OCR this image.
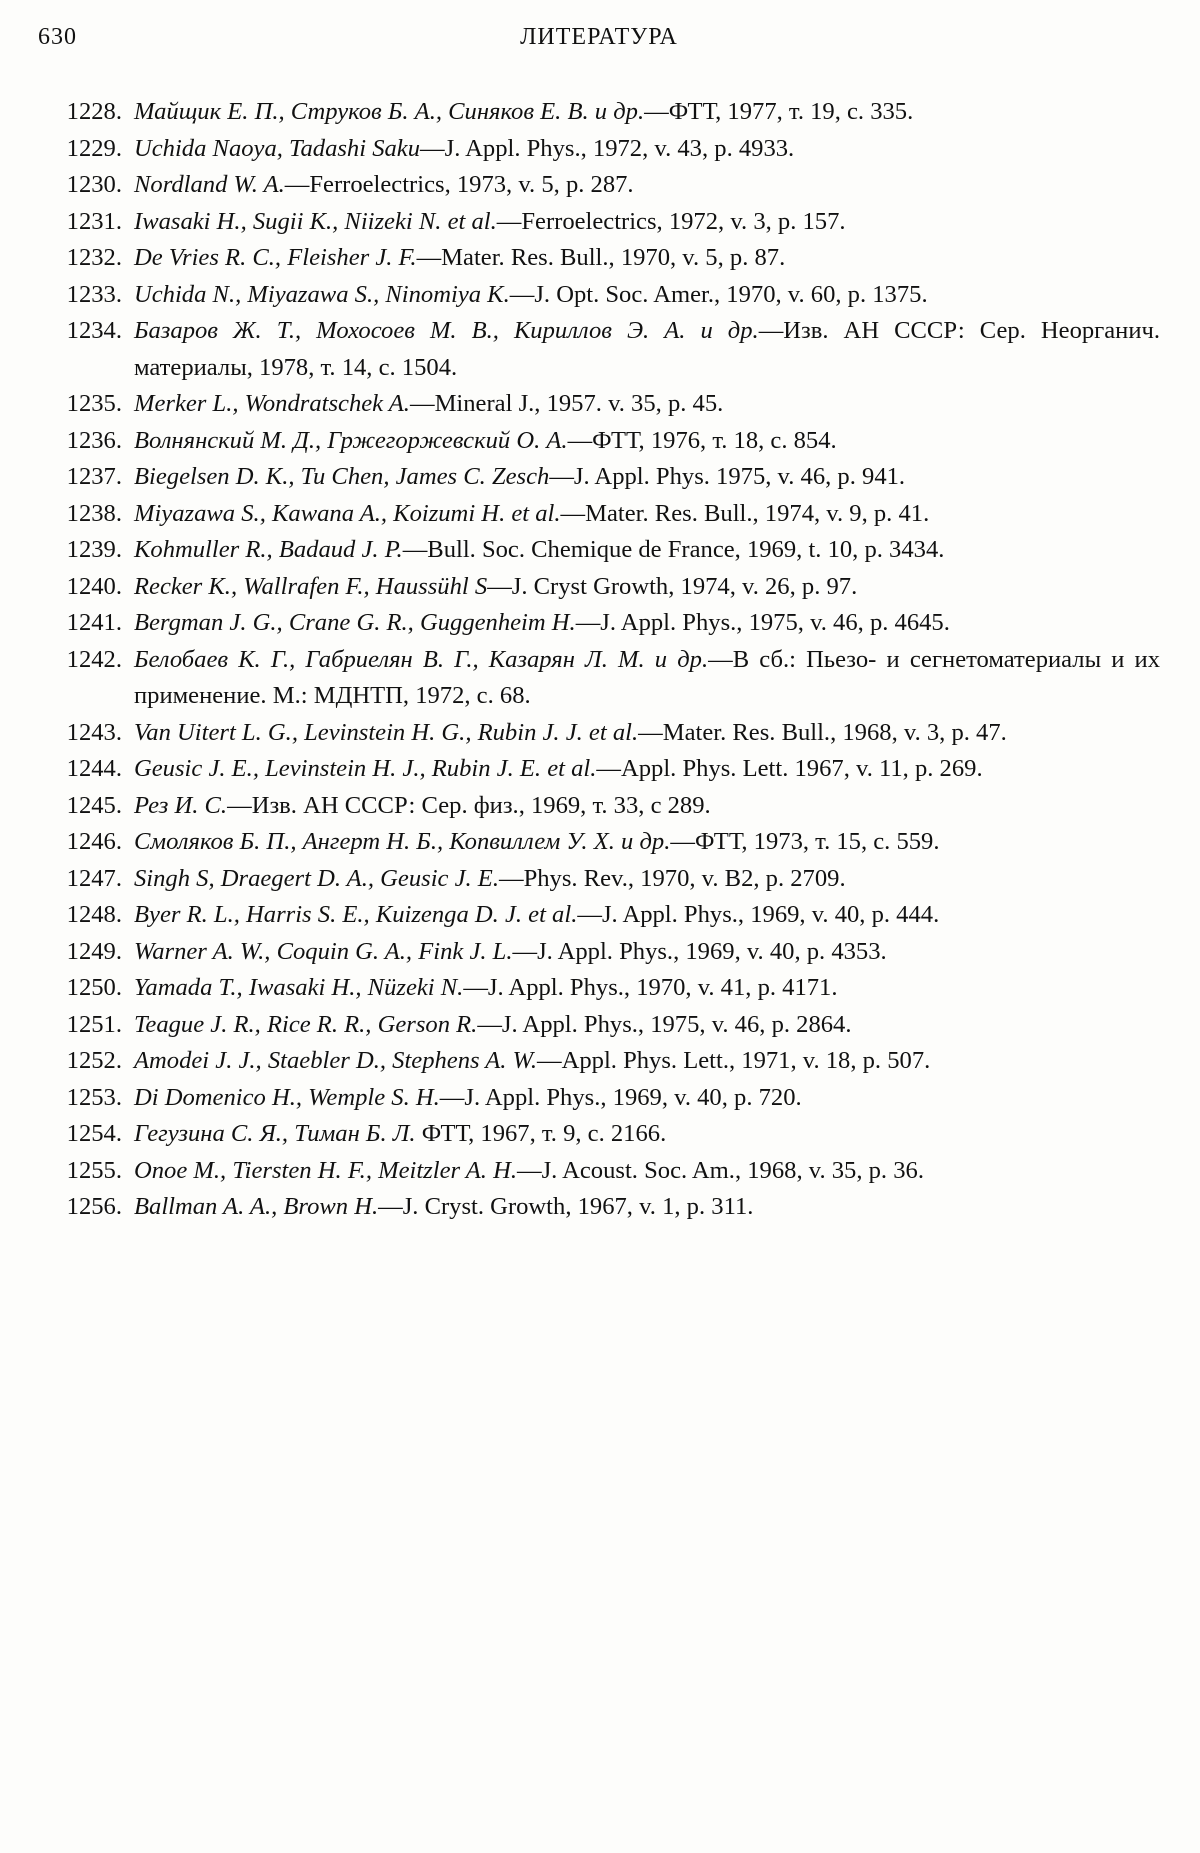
630	ЛИТЕРАТУРА
1228. Майщик Е. П., Струков Б. А., Синяков Е. В. и др. — ФТТ, 1977, т. 19, с. 335.
1229. Uchida Naoya, Tadashi Saku — J. Appl. Phys., 1972, v. 43, p. 4933.
1230. Nordland W. A. — Ferroelectrics, 1973, v. 5, p. 287.
1231. Iwasaki H., Sugii K., Niizeki N. et al. — Ferroelectrics, 1972, v. 3, p. 157.
1232. De Vries R. C., Fleisher J. F. — Mater. Res. Bull., 1970, v. 5, p. 87.
1233. Uchida N., Miyazawa S., Ninomiya K. — J. Opt. Soc. Amer., 1970, v. 60, p. 1375.
1234. Базаров Ж. Т., Мохосоев М. В., Кириллов Э. А. и др. — Изв. АН СССР: Сер. Неорганич. материалы, 1978, т. 14, с. 1504.
1235. Merker L., Wondratschek A. — Mineral J., 1957. v. 35, p. 45.
1236. Волнянский М. Д., Гржегоржевский О. А. — ФТТ, 1976, т. 18, с. 854.
1237. Biegelsen D. K., Tu Chen, James C. Zesch — J. Appl. Phys. 1975, v. 46, p. 941.
1238. Miyazawa S., Kawana A., Koizumi H. et al. — Mater. Res. Bull., 1974, v. 9, p. 41.
1239. Kohmuller R., Badaud J. P. — Bull. Soc. Chemique de France, 1969, t. 10, p. 3434.
1240. Recker K., Wallrafen F., Haussühl S — J. Cryst Growth, 1974, v. 26, p. 97.
1241. Bergman J. G., Crane G. R., Guggenheim H. — J. Appl. Phys., 1975, v. 46, p. 4645.
1242. Белобаев К. Г., Габриелян В. Г., Казарян Л. М. и др. — В сб.: Пьезо- и сегнетоматериалы и их применение. М.: МДНТП, 1972, с. 68.
1243. Van Uitert L. G., Levinstein H. G., Rubin J. J. et al. — Mater. Res. Bull., 1968, v. 3, p. 47.
1244. Geusic J. E., Levinstein H. J., Rubin J. E. et al. — Appl. Phys. Lett. 1967, v. 11, p. 269.
1245. Рез И. С. — Изв. АН СССР: Сер. физ., 1969, т. 33, с 289.
1246. Смоляков Б. П., Ангерт Н. Б., Копвиллем У. Х. и др. — ФТТ, 1973, т. 15, с. 559.
1247. Singh S, Draegert D. A., Geusic J. E. — Phys. Rev., 1970, v. B2, p. 2709.
1248. Byer R. L., Harris S. E., Kuizenga D. J. et al. — J. Appl. Phys., 1969, v. 40, p. 444.
1249. Warner A. W., Coquin G. A., Fink J. L. — J. Appl. Phys., 1969, v. 40, p. 4353.
1250. Yamada T., Iwasaki H., Nüzeki N. — J. Appl. Phys., 1970, v. 41, p. 4171.
1251. Teague J. R., Rice R. R., Gerson R. — J. Appl. Phys., 1975, v. 46, p. 2864.
1252. Amodei J. J., Staebler D., Stephens A. W. — Appl. Phys. Lett., 1971, v. 18, p. 507.
1253. Di Domenico H., Wemple S. H. — J. Appl. Phys., 1969, v. 40, p. 720.
1254. Гегузина С. Я., Тиман Б. Л. ФТТ, 1967, т. 9, с. 2166.
1255. Onoe M., Tiersten H. F., Meitzler A. H. — J. Acoust. Soc. Am., 1968, v. 35, p. 36.
1256. Ballman A. A., Brown H. — J. Cryst. Growth, 1967, v. 1, p. 311.
